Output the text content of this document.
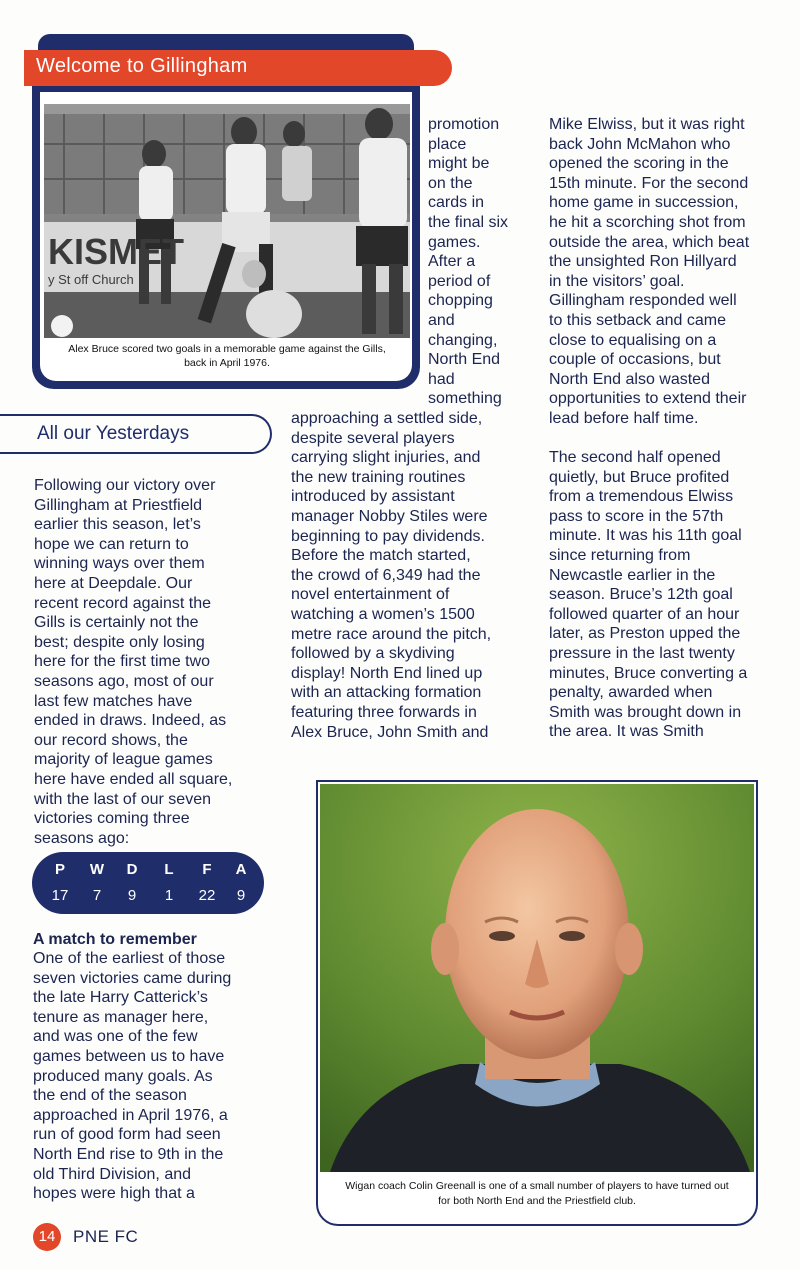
Welcome to Gillingham
KISMET
y St off Church
Alex Bruce scored two goals in a memorable game against the Gills,
back in April 1976.
promotion
place
might be
on the
cards in
the final six
games.
After a
period of
chopping
and
changing,
North End
had
something
Mike Elwiss, but it was right
back John McMahon who
opened the scoring in the
15th minute. For the second
home game in succession,
he hit a scorching shot from
outside the area, which beat
the unsighted Ron Hillyard
in the visitors’ goal.
Gillingham responded well
to this setback and came
close to equalising on a
couple of occasions, but
North End also wasted
opportunities to extend their
lead before half time.
The second half opened
quietly, but Bruce profited
from a tremendous Elwiss
pass to score in the 57th
minute. It was his 11th goal
since returning from
Newcastle earlier in the
season. Bruce’s 12th goal
followed quarter of an hour
later, as Preston upped the
pressure in the last twenty
minutes, Bruce converting a
penalty, awarded when
Smith was brought down in
the area. It was Smith
All our Yesterdays
approaching a settled side,
despite several players
carrying slight injuries, and
the new training routines
introduced by assistant
manager Nobby Stiles were
beginning to pay dividends.
Before the match started,
the crowd of 6,349 had the
novel entertainment of
watching a women’s 1500
metre race around the pitch,
followed by a skydiving
display! North End lined up
with an attacking formation
featuring three forwards in
Alex Bruce, John Smith and
Following our victory over
Gillingham at Priestfield
earlier this season, let’s
hope we can return to
winning ways over them
here at Deepdale. Our
recent record against the
Gills is certainly not the
best; despite only losing
here for the first time two
seasons ago, most of our
last few matches have
ended in draws. Indeed, as
our record shows, the
majority of league games
here have ended all square,
with the last of our seven
victories coming three
seasons ago:
P	W	D	L	F	A
17	7	9	1	22	9
A match to remember
One of the earliest of those
seven victories came during
the late Harry Catterick’s
tenure as manager here,
and was one of the few
games between us to have
produced many goals. As
the end of the season
approached in April 1976, a
run of good form had seen
North End rise to 9th in the
old Third Division, and
hopes were high that a	Wigan coach Colin Greenall is one of a small number of players to have turned out
for both North End and the Priestfield club.
14	PNE FC
